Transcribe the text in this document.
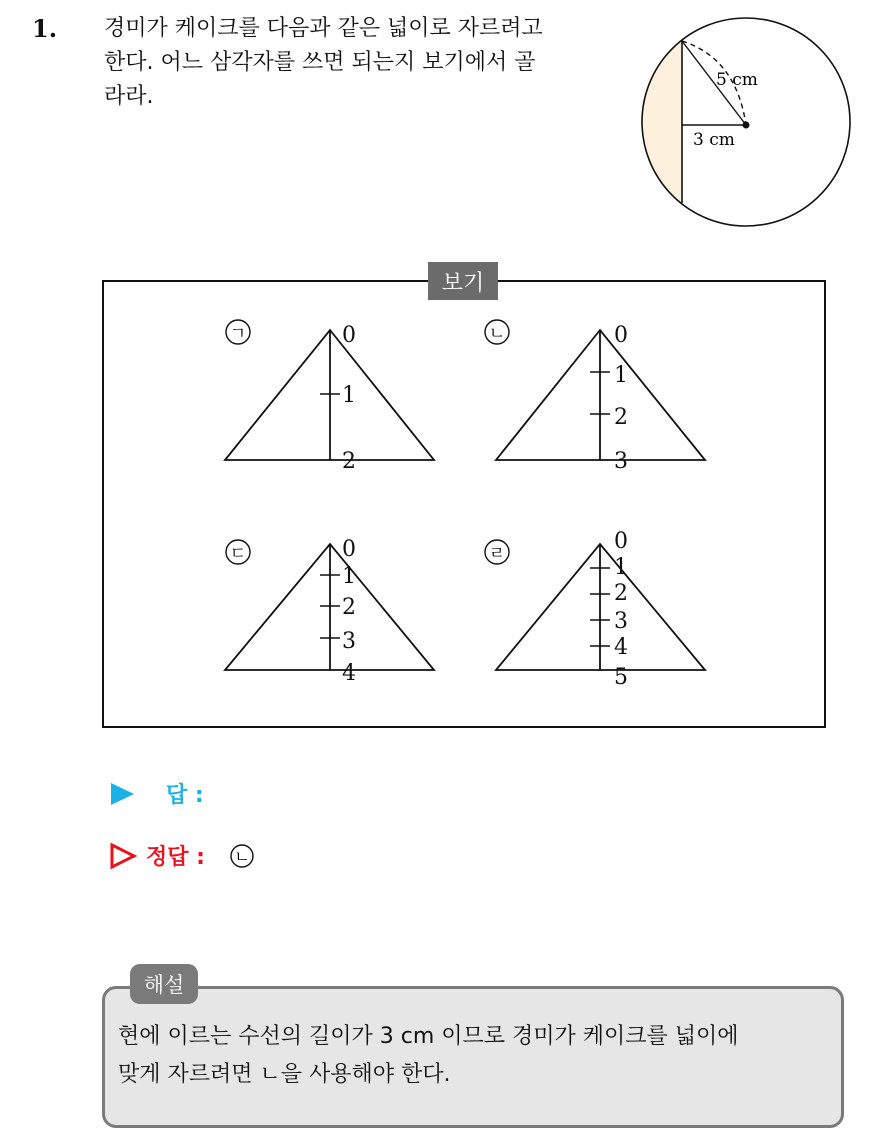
1. 경미가 케이크를 다음과 같은 넓이로 자르려고
한다. 어느 삼각자를 쓰면 되는지 보기에서 골
라라.
5 cm
3 cm
보기
ㄱ	0
1
2
ㄴ	0
1
2
3
ㄷ	0
1
2
3
4
ㄹ	0
1
2
3
4
5
답 :
정답 : ㄴ
해설
현에 이르는 수선의 길이가 3 cm 이므로 경미가 케이크를 넓이에
맞게 자르려면 ㄴ을 사용해야 한다.
